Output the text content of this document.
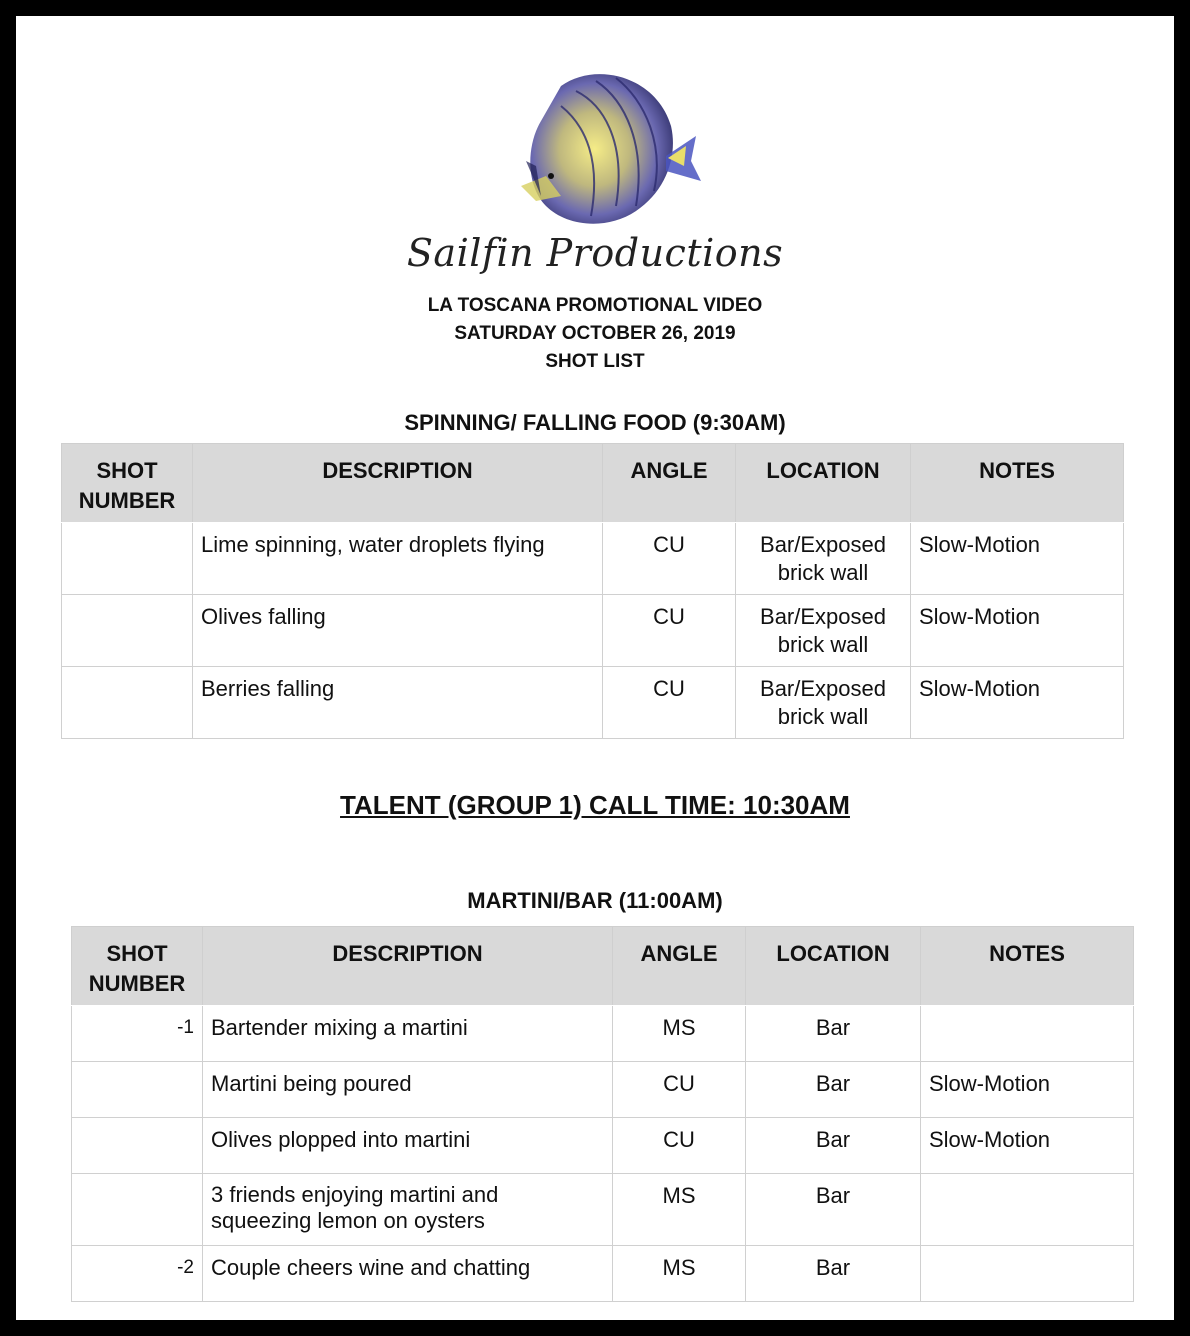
Sailfin Productions
LA TOSCANA PROMOTIONAL VIDEO
SATURDAY OCTOBER 26, 2019
SHOT LIST
SPINNING/ FALLING FOOD (9:30AM)
SHOT NUMBER	DESCRIPTION	ANGLE	LOCATION	NOTES
	Lime spinning, water droplets flying	CU	Bar/Exposed brick wall	Slow-Motion
	Olives falling	CU	Bar/Exposed brick wall	Slow-Motion
	Berries falling	CU	Bar/Exposed brick wall	Slow-Motion
TALENT (GROUP 1) CALL TIME: 10:30AM
MARTINI/BAR (11:00AM)
SHOT NUMBER	DESCRIPTION	ANGLE	LOCATION	NOTES
-1	Bartender mixing a martini	MS	Bar	
	Martini being poured	CU	Bar	Slow-Motion
	Olives plopped into martini	CU	Bar	Slow-Motion
	3 friends enjoying martini and squeezing lemon on oysters	MS	Bar	
-2	Couple cheers wine and chatting	MS	Bar	
